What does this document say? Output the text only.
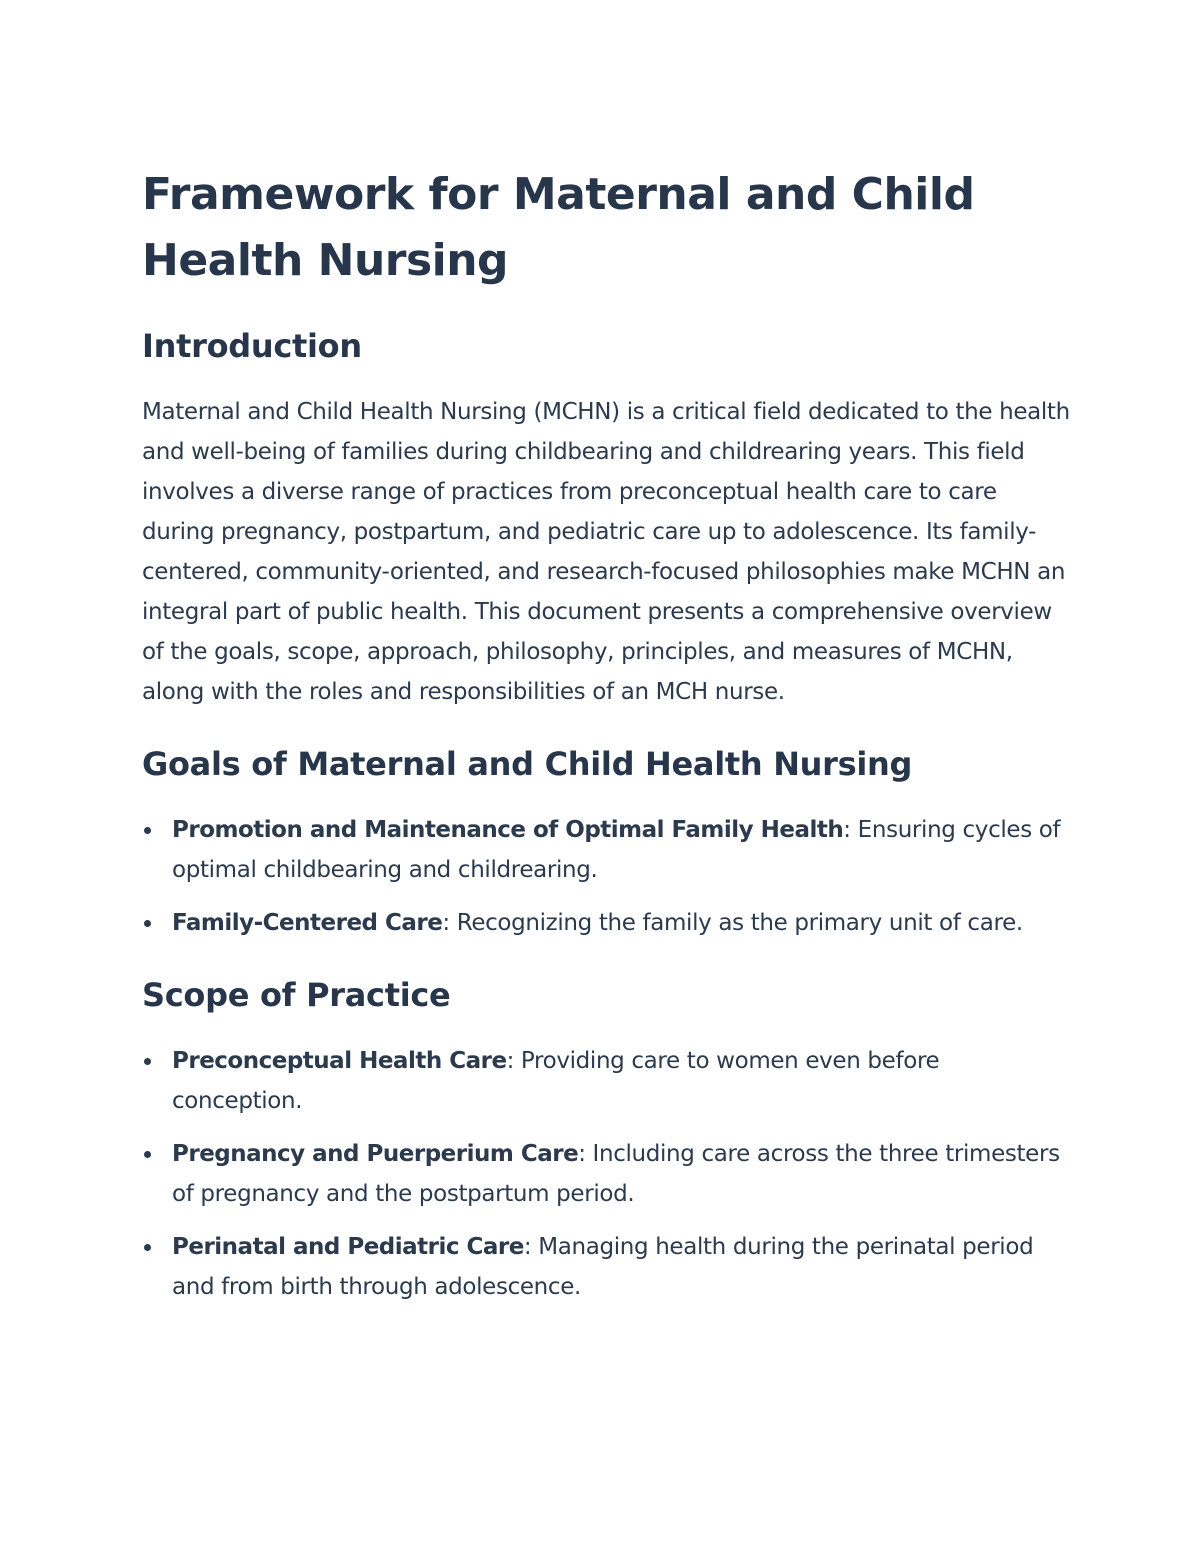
Framework for Maternal and Child Health Nursing
Introduction

Maternal and Child Health Nursing (MCHN) is a critical field dedicated to the health and well-being of families during childbearing and childrearing years. This field involves a diverse range of practices from preconceptual health care to care during pregnancy, postpartum, and pediatric care up to adolescence. Its family-centered, community-oriented, and research-focused philosophies make MCHN an integral part of public health. This document presents a comprehensive overview of the goals, scope, approach, philosophy, principles, and measures of MCHN, along with the roles and responsibilities of an MCH nurse.

Goals of Maternal and Child Health Nursing
Promotion and Maintenance of Optimal Family Health: Ensuring cycles of optimal childbearing and childrearing.
Family-Centered Care: Recognizing the family as the primary unit of care.
Scope of Practice
Preconceptual Health Care: Providing care to women even before conception.
Pregnancy and Puerperium Care: Including care across the three trimesters of pregnancy and the postpartum period.
Perinatal and Pediatric Care: Managing health during the perinatal period and from birth through adolescence.
